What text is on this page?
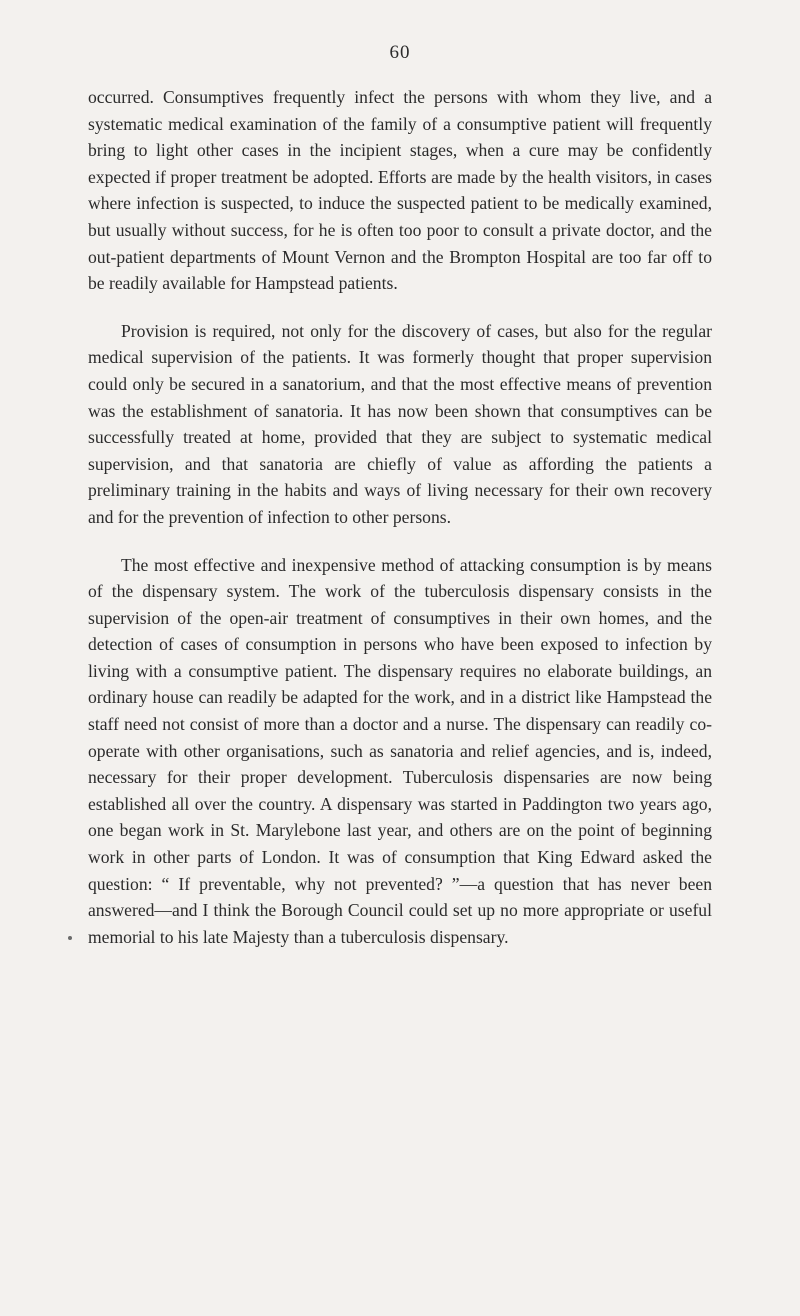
60

occurred. Consumptives frequently infect the persons with whom they live, and a systematic medical examination of the family of a consumptive patient will frequently bring to light other cases in the incipient stages, when a cure may be confidently expected if proper treatment be adopted. Efforts are made by the health visitors, in cases where infection is suspected, to induce the suspected patient to be medically examined, but usually without success, for he is often too poor to consult a private doctor, and the out-patient departments of Mount Vernon and the Brompton Hospital are too far off to be readily available for Hampstead patients.

Provision is required, not only for the discovery of cases, but also for the regular medical supervision of the patients. It was formerly thought that proper supervision could only be secured in a sanatorium, and that the most effective means of prevention was the establishment of sanatoria. It has now been shown that consumptives can be successfully treated at home, provided that they are subject to systematic medical supervision, and that sanatoria are chiefly of value as affording the patients a preliminary training in the habits and ways of living necessary for their own recovery and for the prevention of infection to other persons.

The most effective and inexpensive method of attacking consumption is by means of the dispensary system. The work of the tuberculosis dispensary consists in the supervision of the open-air treatment of consumptives in their own homes, and the detection of cases of consumption in persons who have been exposed to infection by living with a consumptive patient. The dispensary requires no elaborate buildings, an ordinary house can readily be adapted for the work, and in a district like Hampstead the staff need not consist of more than a doctor and a nurse. The dispensary can readily co-operate with other organisations, such as sanatoria and relief agencies, and is, indeed, necessary for their proper development. Tuberculosis dispensaries are now being established all over the country. A dispensary was started in Paddington two years ago, one began work in St. Marylebone last year, and others are on the point of beginning work in other parts of London. It was of consumption that King Edward asked the question: “ If preventable, why not prevented? ”—a question that has never been answered—and I think the Borough Council could set up no more appropriate or useful memorial to his late Majesty than a tuberculosis dispensary.
